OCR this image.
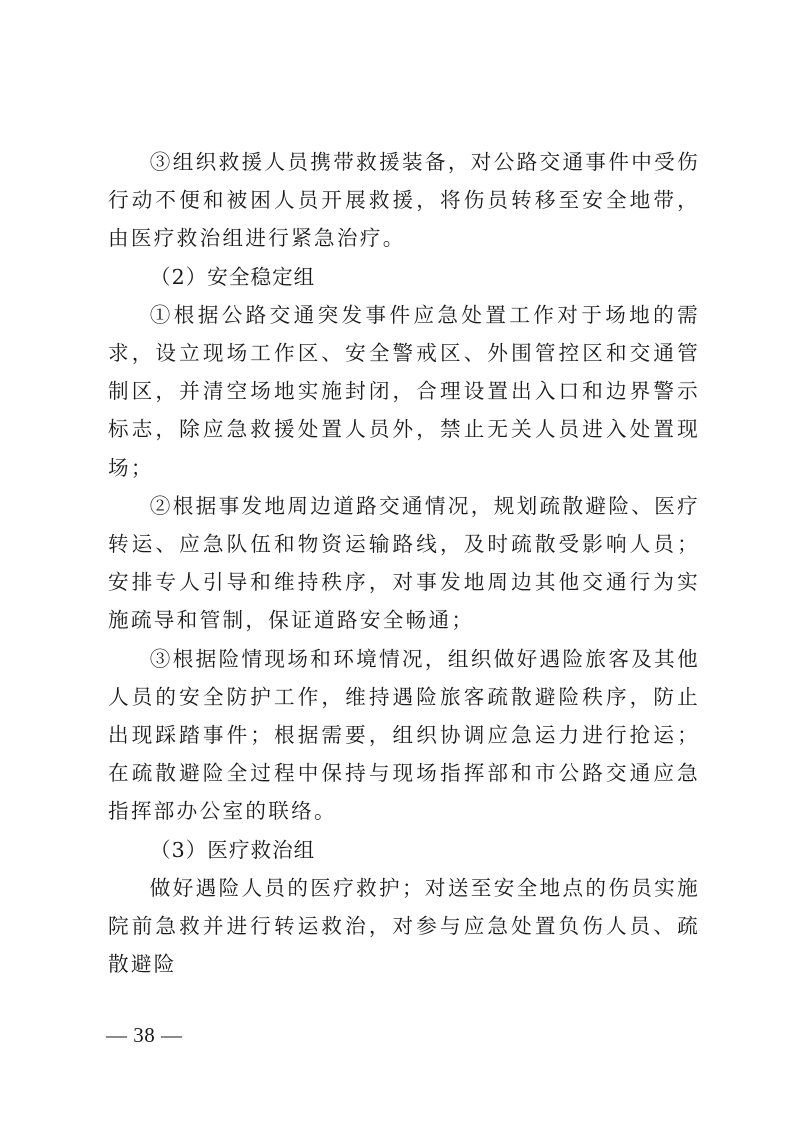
③组织救援人员携带救援装备，对公路交通事件中受伤行动不便和被困人员开展救援，将伤员转移至安全地带，由医疗救治组进行紧急治疗。

（2）安全稳定组

①根据公路交通突发事件应急处置工作对于场地的需求，设立现场工作区、安全警戒区、外围管控区和交通管制区，并清空场地实施封闭，合理设置出入口和边界警示标志，除应急救援处置人员外，禁止无关人员进入处置现场；

②根据事发地周边道路交通情况，规划疏散避险、医疗转运、应急队伍和物资运输路线，及时疏散受影响人员；安排专人引导和维持秩序，对事发地周边其他交通行为实施疏导和管制，保证道路安全畅通；

③根据险情现场和环境情况，组织做好遇险旅客及其他人员的安全防护工作，维持遇险旅客疏散避险秩序，防止出现踩踏事件；根据需要，组织协调应急运力进行抢运；在疏散避险全过程中保持与现场指挥部和市公路交通应急指挥部办公室的联络。

（3）医疗救治组

做好遇险人员的医疗救护；对送至安全地点的伤员实施院前急救并进行转运救治，对参与应急处置负伤人员、疏散避险

— 38 —
